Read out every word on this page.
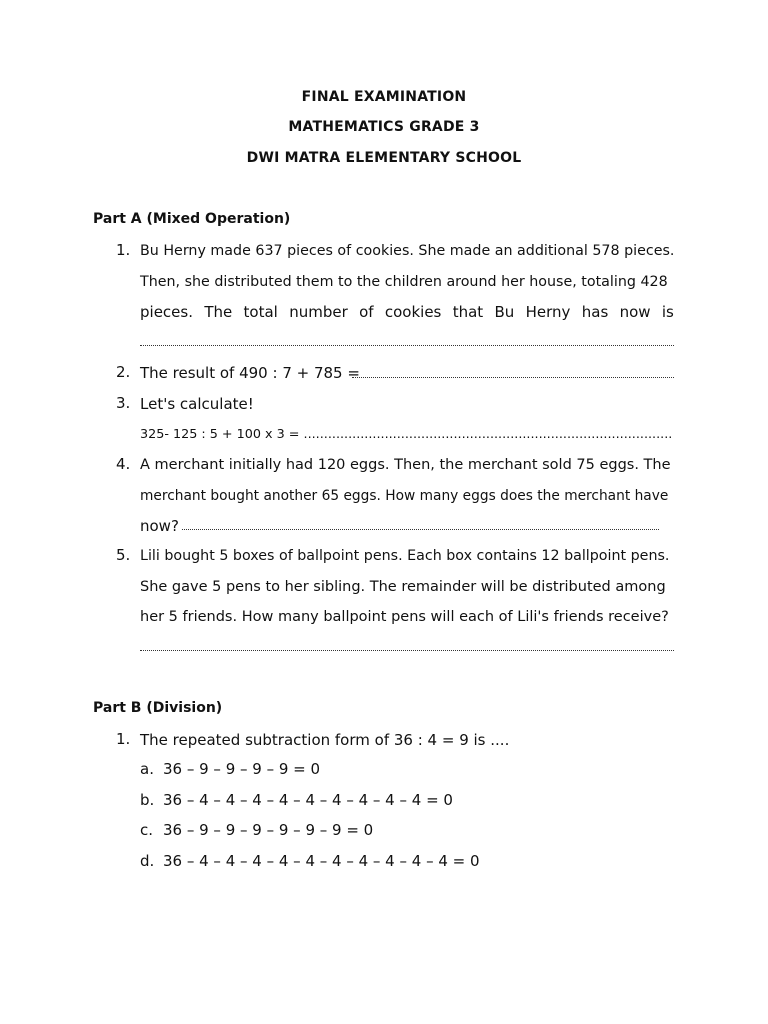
FINAL EXAMINATION
MATHEMATICS GRADE 3
DWI MATRA ELEMENTARY SCHOOL
Part A (Mixed Operation)
1. Bu Herny made 637 pieces of cookies. She made an additional 578 pieces.
Then, she distributed them to the children around her house, totaling 428
pieces. The total number of cookies that Bu Herny has now is
2. The result of 490 : 7 + 785 =
3. Let's calculate!
325- 125 : 5 + 100 x 3 = ...........................................................................................
4. A merchant initially had 120 eggs. Then, the merchant sold 75 eggs. The
merchant bought another 65 eggs. How many eggs does the merchant have
now?
5. Lili bought 5 boxes of ballpoint pens. Each box contains 12 ballpoint pens.
She gave 5 pens to her sibling. The remainder will be distributed among
her 5 friends. How many ballpoint pens will each of Lili's friends receive?
Part B (Division)
1. The repeated subtraction form of 36 : 4 = 9 is ....
a. 36 – 9 – 9 – 9 – 9 = 0
b. 36 – 4 – 4 – 4 – 4 – 4 – 4 – 4 – 4 – 4 = 0
c. 36 – 9 – 9 – 9 – 9 – 9 – 9 = 0
d. 36 – 4 – 4 – 4 – 4 – 4 – 4 – 4 – 4 – 4 – 4 = 0
